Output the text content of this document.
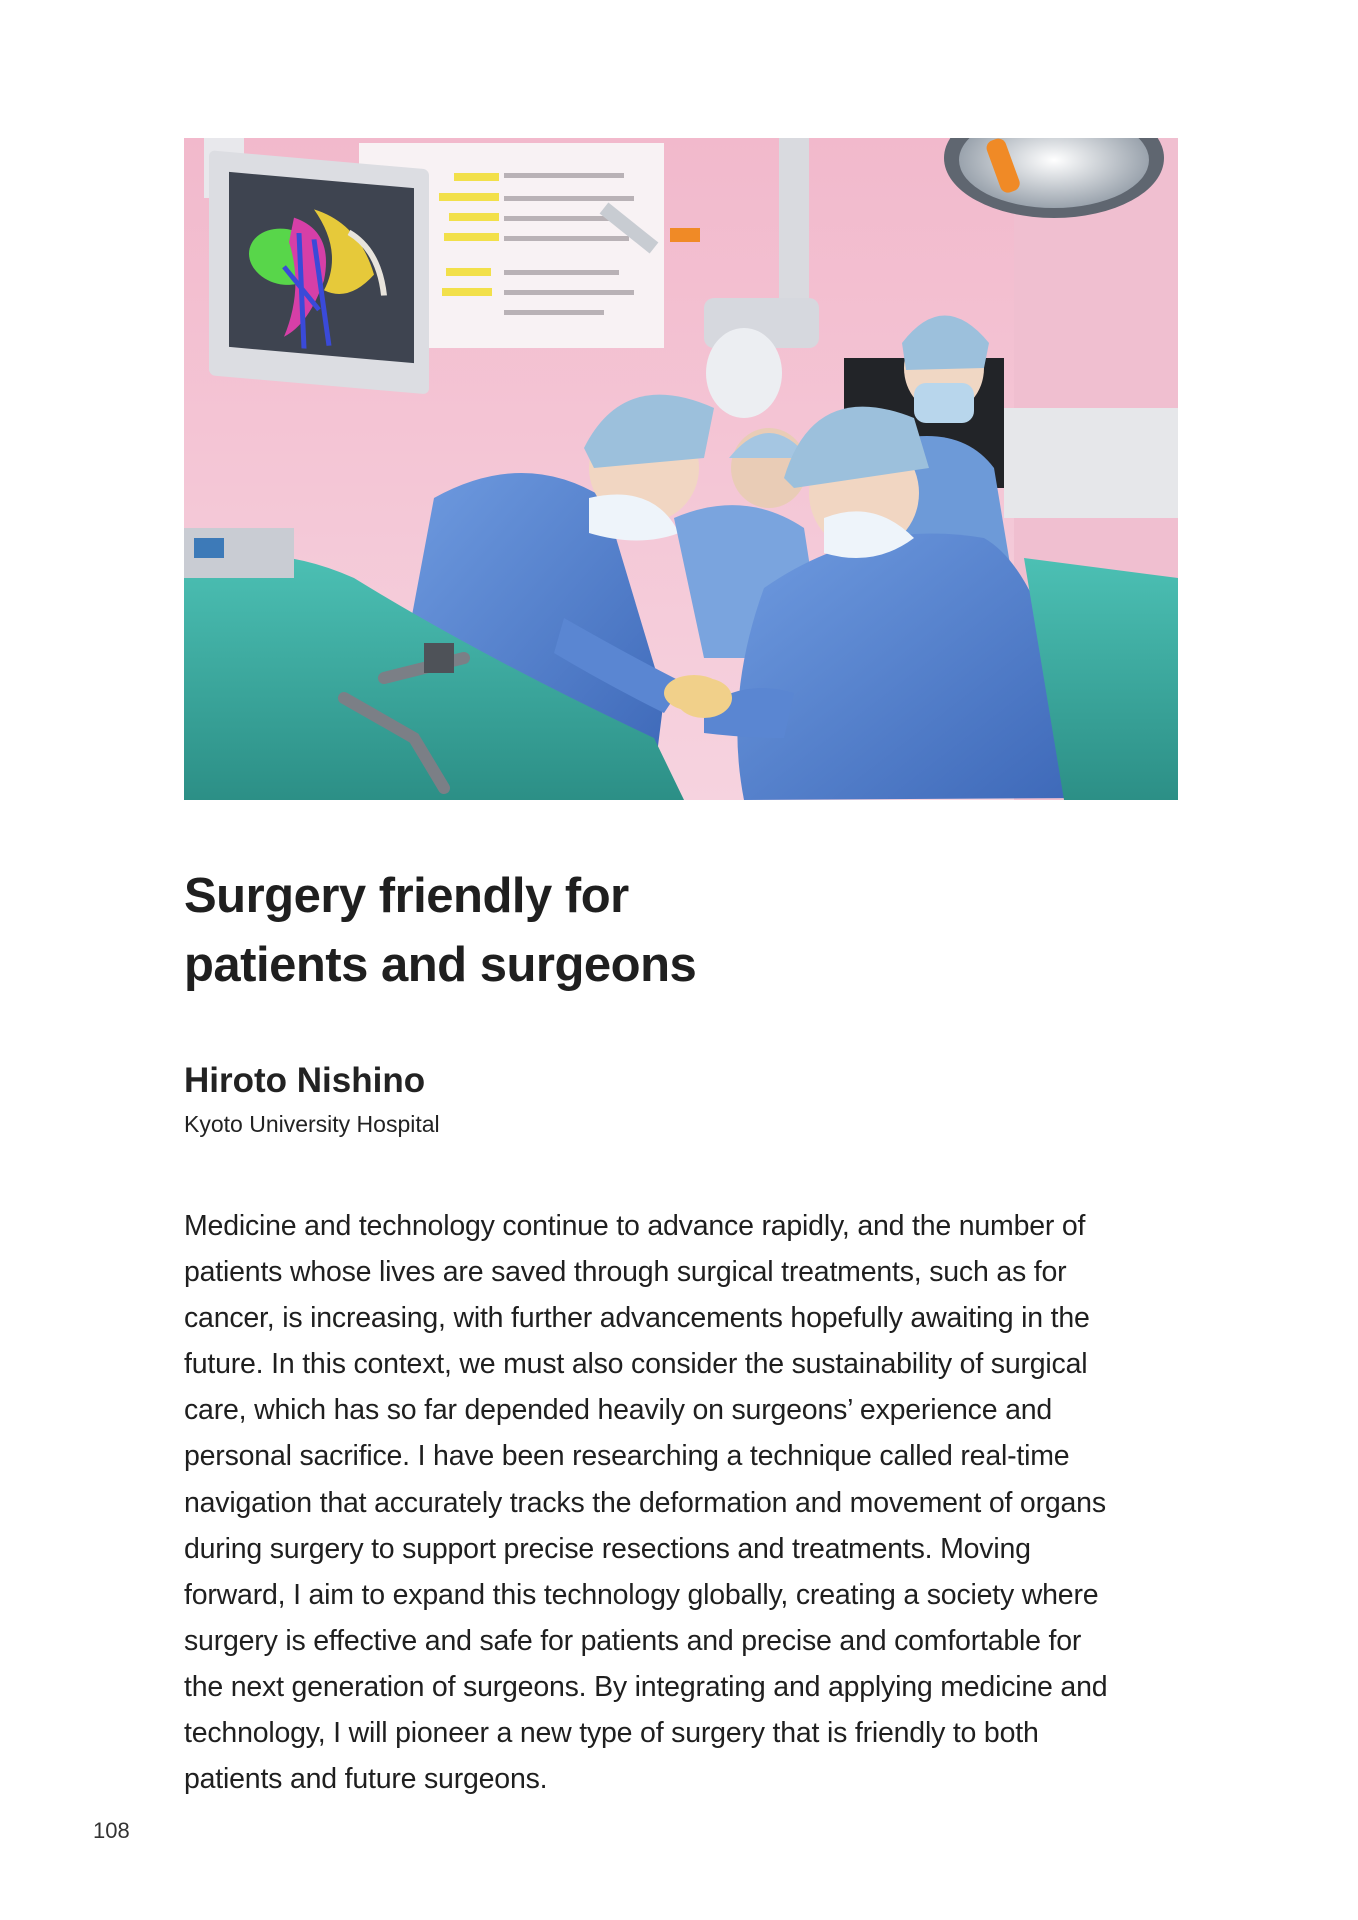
Surgery friendly for
patients and surgeons

Hiroto Nishino

Kyoto University Hospital

Medicine and technology continue to advance rapidly, and the number of
patients whose lives are saved through surgical treatments, such as for
cancer, is increasing, with further advancements hopefully awaiting in the
future. In this context, we must also consider the sustainability of surgical
care, which has so far depended heavily on surgeons’ experience and
personal sacrifice. I have been researching a technique called real-time
navigation that accurately tracks the deformation and movement of organs
during surgery to support precise resections and treatments. Moving
forward, I aim to expand this technology globally, creating a society where
surgery is effective and safe for patients and precise and comfortable for
the next generation of surgeons. By integrating and applying medicine and
technology, I will pioneer a new type of surgery that is friendly to both
patients and future surgeons.

108
